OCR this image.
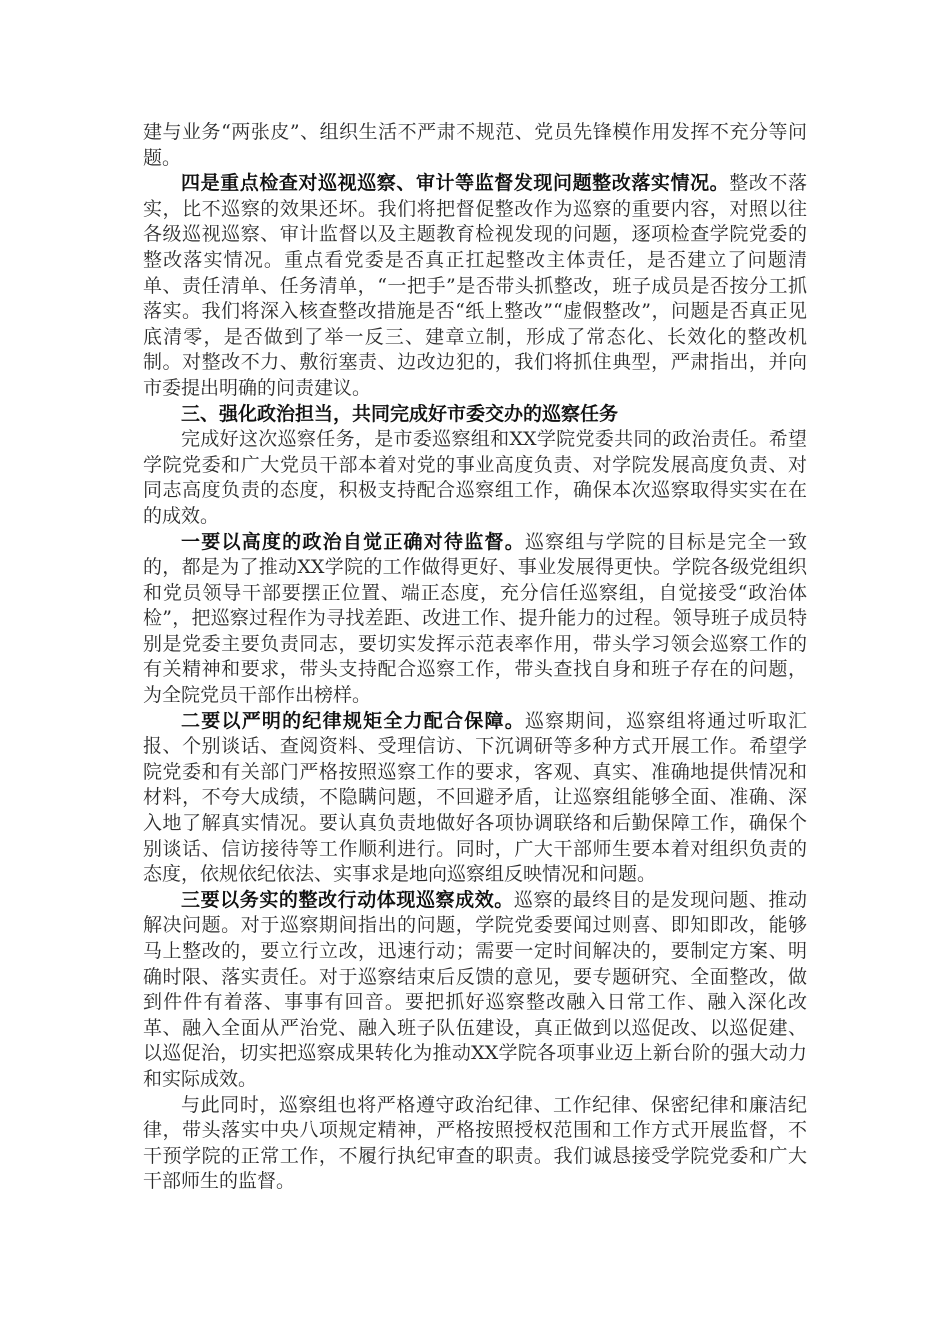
建与业务“两张皮”、组织生活不严肃不规范、党员先锋模作用发挥不充分等问题。

四是重点检查对巡视巡察、审计等监督发现问题整改落实情况。整改不落实，比不巡察的效果还坏。我们将把督促整改作为巡察的重要内容，对照以往各级巡视巡察、审计监督以及主题教育检视发现的问题，逐项检查学院党委的整改落实情况。重点看党委是否真正扛起整改主体责任，是否建立了问题清单、责任清单、任务清单，“一把手”是否带头抓整改，班子成员是否按分工抓落实。我们将深入核查整改措施是否“纸上整改”“虚假整改”，问题是否真正见底清零，是否做到了举一反三、建章立制，形成了常态化、长效化的整改机制。对整改不力、敷衍塞责、边改边犯的，我们将抓住典型，严肃指出，并向市委提出明确的问责建议。

三、强化政治担当，共同完成好市委交办的巡察任务

完成好这次巡察任务，是市委巡察组和XX学院党委共同的政治责任。希望学院党委和广大党员干部本着对党的事业高度负责、对学院发展高度负责、对同志高度负责的态度，积极支持配合巡察组工作，确保本次巡察取得实实在在的成效。

一要以高度的政治自觉正确对待监督。巡察组与学院的目标是完全一致的，都是为了推动XX学院的工作做得更好、事业发展得更快。学院各级党组织和党员领导干部要摆正位置、端正态度，充分信任巡察组，自觉接受“政治体检”，把巡察过程作为寻找差距、改进工作、提升能力的过程。领导班子成员特别是党委主要负责同志，要切实发挥示范表率作用，带头学习领会巡察工作的有关精神和要求，带头支持配合巡察工作，带头查找自身和班子存在的问题，为全院党员干部作出榜样。

二要以严明的纪律规矩全力配合保障。巡察期间，巡察组将通过听取汇报、个别谈话、查阅资料、受理信访、下沉调研等多种方式开展工作。希望学院党委和有关部门严格按照巡察工作的要求，客观、真实、准确地提供情况和材料，不夸大成绩，不隐瞒问题，不回避矛盾，让巡察组能够全面、准确、深入地了解真实情况。要认真负责地做好各项协调联络和后勤保障工作，确保个别谈话、信访接待等工作顺利进行。同时，广大干部师生要本着对组织负责的态度，依规依纪依法、实事求是地向巡察组反映情况和问题。

三要以务实的整改行动体现巡察成效。巡察的最终目的是发现问题、推动解决问题。对于巡察期间指出的问题，学院党委要闻过则喜、即知即改，能够马上整改的，要立行立改，迅速行动；需要一定时间解决的，要制定方案、明确时限、落实责任。对于巡察结束后反馈的意见，要专题研究、全面整改，做到件件有着落、事事有回音。要把抓好巡察整改融入日常工作、融入深化改革、融入全面从严治党、融入班子队伍建设，真正做到以巡促改、以巡促建、以巡促治，切实把巡察成果转化为推动XX学院各项事业迈上新台阶的强大动力和实际成效。

与此同时，巡察组也将严格遵守政治纪律、工作纪律、保密纪律和廉洁纪律，带头落实中央八项规定精神，严格按照授权范围和工作方式开展监督，不干预学院的正常工作，不履行执纪审查的职责。我们诚恳接受学院党委和广大干部师生的监督。
